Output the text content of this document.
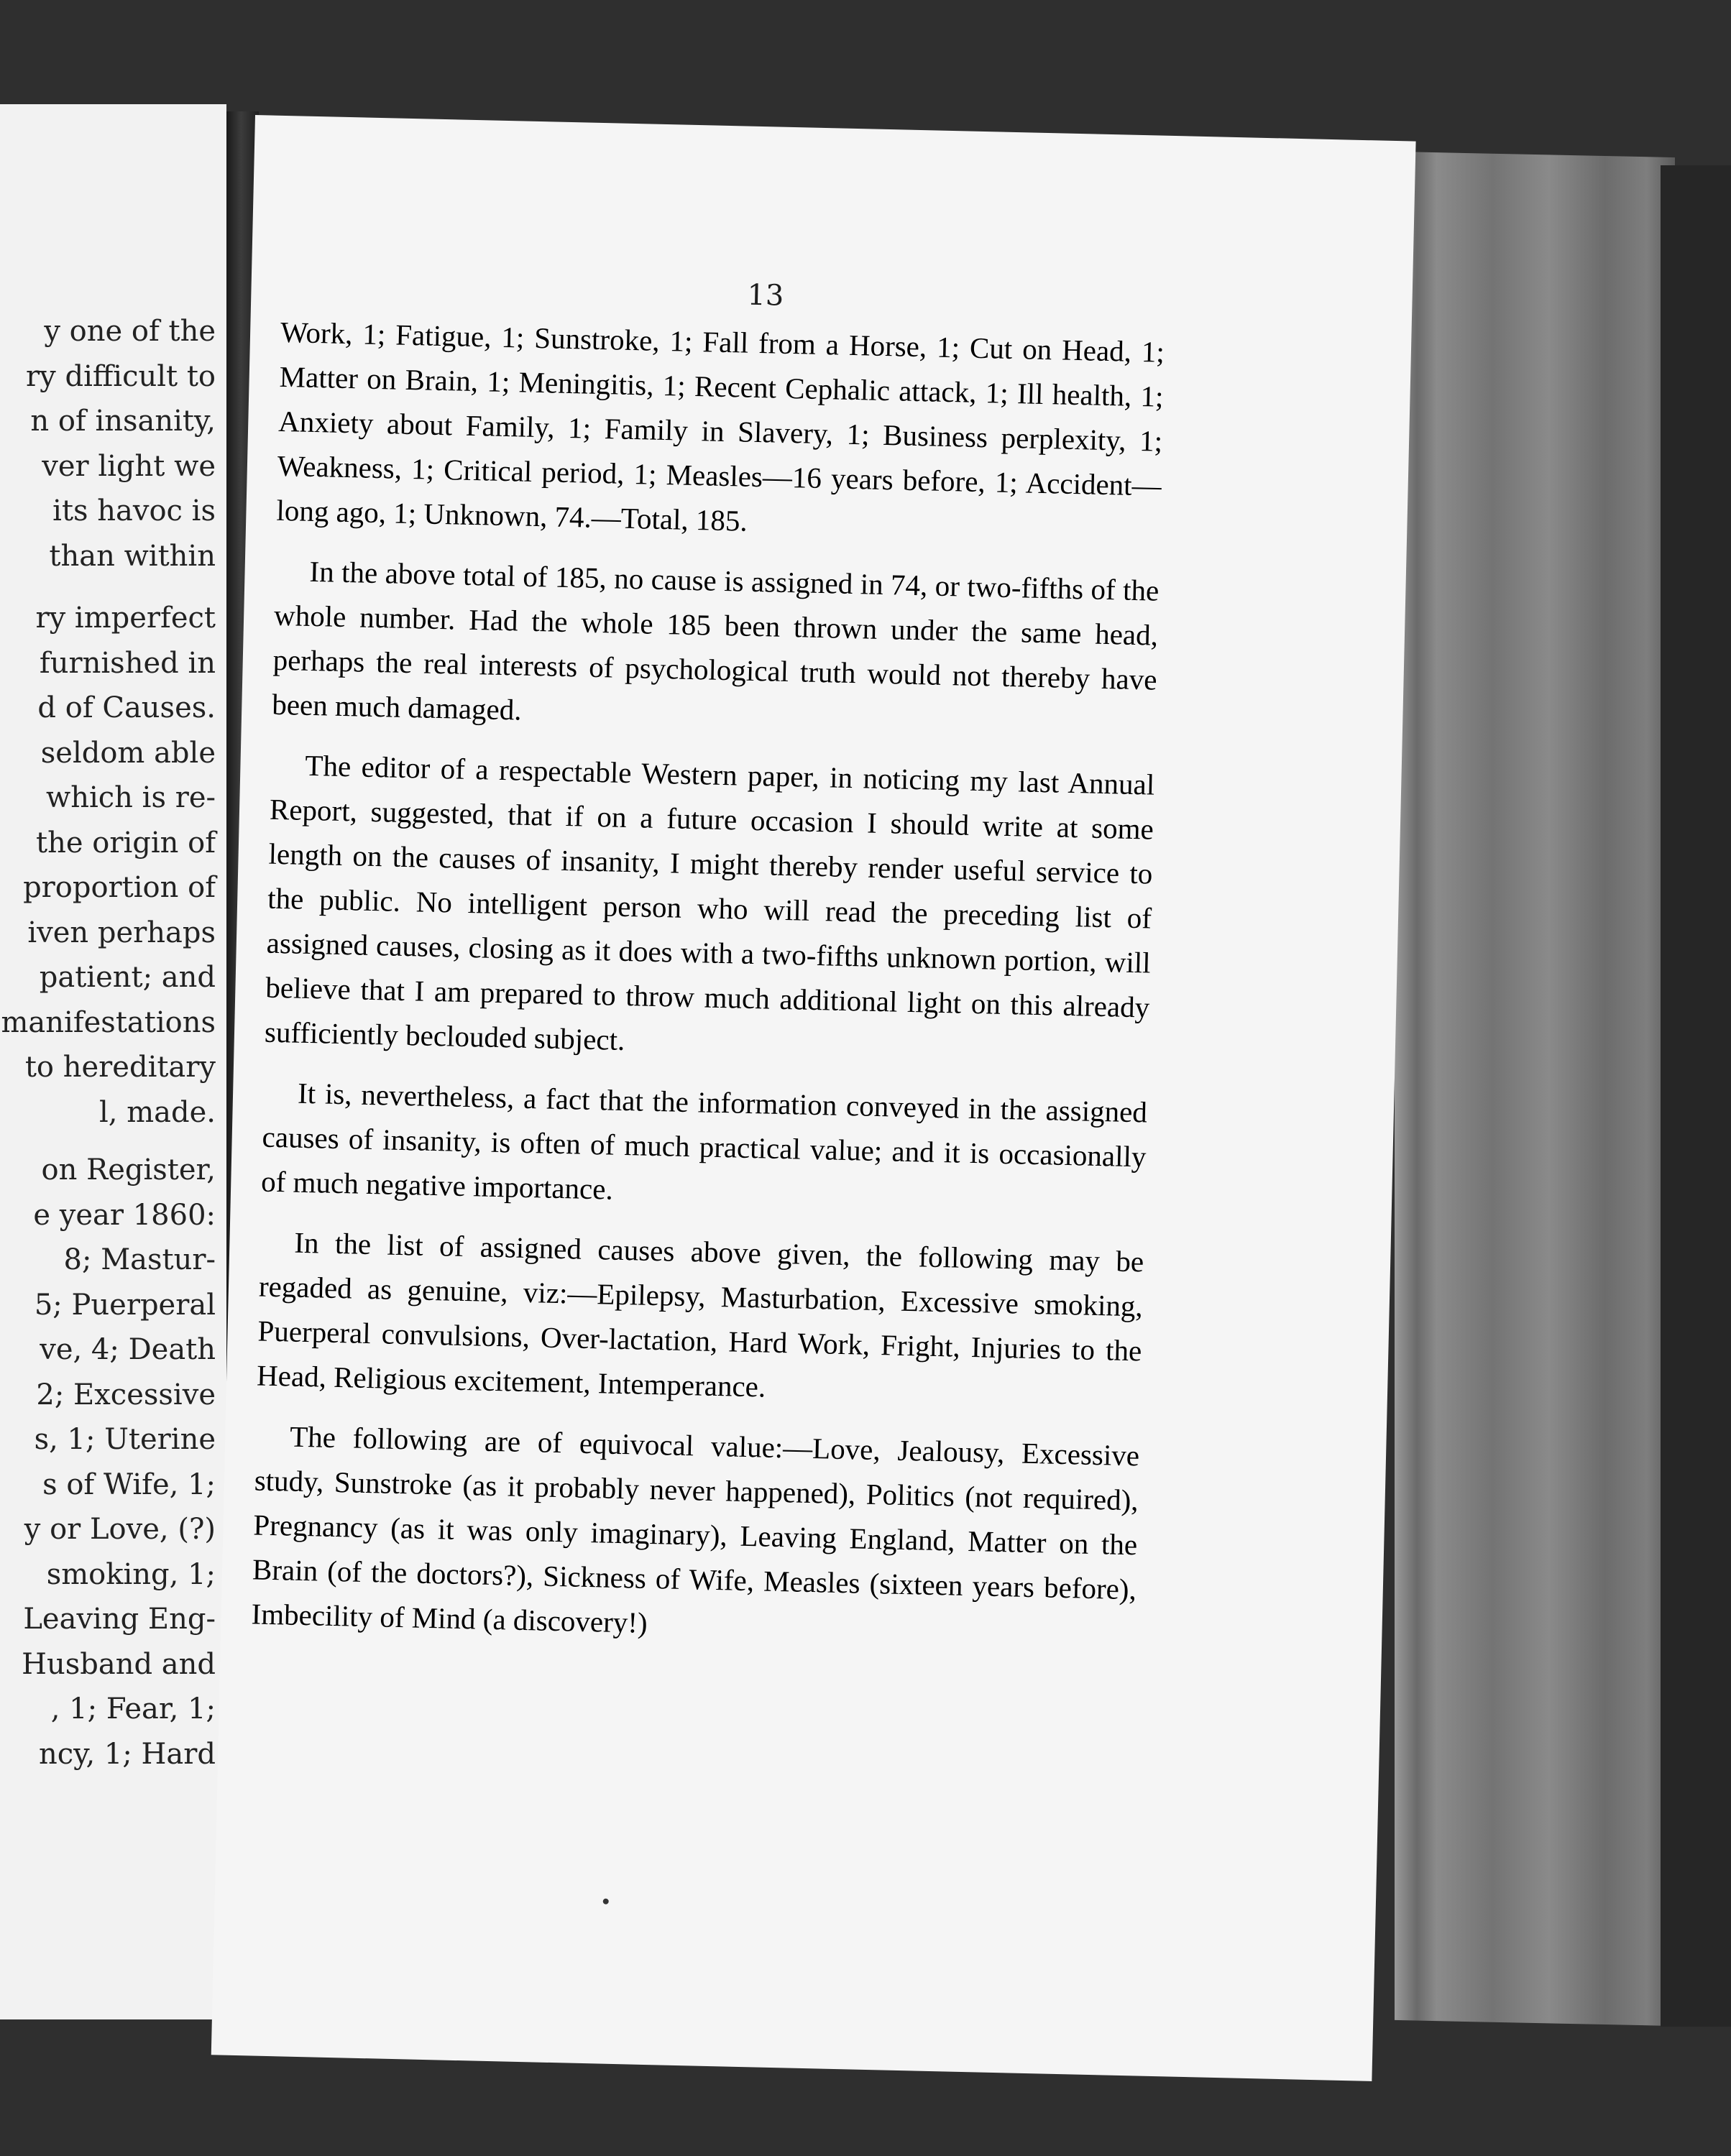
y one of the
ry difficult to
n of insanity,
ver light we
its havoc is
than within
ry imperfect
furnished in
d of Causes.
seldom able
which is re-
the origin of
proportion of
iven perhaps
patient; and
manifestations
to hereditary
l, made.
on Register,
e year 1860:
8; Mastur-
5; Puerperal
ve, 4; Death
2; Excessive
s, 1; Uterine
s of Wife, 1;
y or Love, (?)
smoking, 1;
Leaving Eng-
Husband and
, 1; Fear, 1;
ncy, 1; Hard
13

Work, 1; Fatigue, 1; Sunstroke, 1; Fall from a Horse, 1; Cut on Head, 1; Matter on Brain, 1; Meningitis, 1; Recent Cephalic attack, 1; Ill health, 1; Anxiety about Family, 1; Family in Slavery, 1; Business perplexity, 1; Weakness, 1; Critical period, 1; Measles—16 years before, 1; Accident—long ago, 1; Unknown, 74.—Total, 185.

In the above total of 185, no cause is assigned in 74, or two-fifths of the whole number. Had the whole 185 been thrown under the same head, perhaps the real interests of psychological truth would not thereby have been much damaged.

The editor of a respectable Western paper, in noticing my last Annual Report, suggested, that if on a future occasion I should write at some length on the causes of insanity, I might thereby render useful service to the public. No intelligent person who will read the preceding list of assigned causes, closing as it does with a two-fifths unknown portion, will believe that I am prepared to throw much additional light on this already sufficiently beclouded subject.

It is, nevertheless, a fact that the information conveyed in the assigned causes of insanity, is often of much practical value; and it is occasionally of much negative importance.

In the list of assigned causes above given, the following may be regaded as genuine, viz:—Epilepsy, Masturbation, Excessive smoking, Puerperal convulsions, Over-lactation, Hard Work, Fright, Injuries to the Head, Religious excitement, Intemperance.

The following are of equivocal value:—Love, Jealousy, Excessive study, Sunstroke (as it probably never happened), Politics (not required), Pregnancy (as it was only imaginary), Leaving England, Matter on the Brain (of the doctors?), Sickness of Wife, Measles (sixteen years before), Imbecility of Mind (a discovery!)
